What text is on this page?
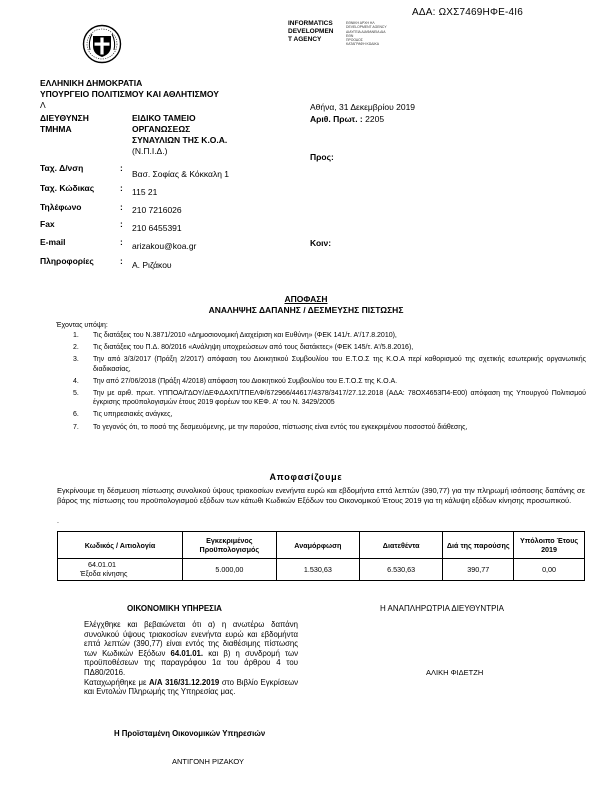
ΑΔΑ: ΩΧΣ7469ΗΦΕ-4Ι6
INFORMATICS
DEVELOPMEN
T AGENCY
ΕΘΝΙΚΗ ΑΡΧΗ ΗΛ
DEVELOPMENT AGENCY
ΔΙΑΥΓΕΙΑ ΔΙΑΦΑΝΕΙΑ ΔΙΑ
ΕΘΝ
ΠΡΟΟΔΟΣ
ΚΑΤΑΓΡΑΦΗ ΚΩΔΙΚΑ
ΕΛΛΗΝΙΚΗ ΔΗΜΟΚΡΑΤΙΑ
ΥΠΟΥΡΓΕΙΟ ΠΟΛΙΤΙΣΜΟΥ ΚΑΙ ΑΘΛΗΤΙΣΜΟΥ
Λ
ΔΙΕΥΘΥΝΣΗ
ΤΜΗΜΑ
ΕΙΔΙΚΟ ΤΑΜΕΙΟ
ΟΡΓΑΝΩΣΕΩΣ
ΣΥΝΑΥΛΙΩΝ ΤΗΣ Κ.Ο.Α.
(Ν.Π.Ι.Δ.)
Αθήνα, 31 Δεκεμβρίου 2019
Αριθ. Πρωτ. : 2205
Προς:
Κοιν:
Ταχ. Δ/νση	:
Βασ. Σοφίας & Κόκκαλη 1
Ταχ. Κώδικας	: 115 21
Τηλέφωνο	: 210 7216026
Fax	: 210 6455391
E-mail	: arizakou@koa.gr
Πληροφορίες	: Α. Ριζάκου
ΑΠΟΦΑΣΗ
ΑΝΑΛΗΨΗΣ ΔΑΠΑΝΗΣ / ΔΕΣΜΕΥΣΗΣ ΠΙΣΤΩΣΗΣ
Έχοντας υπόψη:
1.	Τις διατάξεις του Ν.3871/2010 «Δημοσιονομική Διαχείριση και Ευθύνη» (ΦΕΚ 141/τ. Α'/17.8.2010),
2.	Τις διατάξεις του Π.Δ. 80/2016 «Ανάληψη υποχρεώσεων από τους διατάκτες» (ΦΕΚ 145/τ. Α'/5.8.2016),
3.	Την από 3/3/2017 (Πράξη 2/2017) απόφαση του Διοικητικού Συμβουλίου του Ε.Τ.Ο.Σ της Κ.Ο.Α περί καθορισμού της σχετικής εσωτερικής οργανωτικής διαδικασίας,
4.	Την από 27/06/2018 (Πράξη 4/2018) απόφαση του Διοικητικού Συμβουλίου του Ε.Τ.Ο.Σ της Κ.Ο.Α.
5.	Την με αριθ. πρωτ. ΥΠΠΟΑ/ΓΔΟΥ/ΔΕΦΔΑΧΠ/ΤΠΕΛΦ/672966/44617/4378/3417/27.12.2018 (ΑΔΑ: 78ΟΧ4653Π4-Ε00) απόφαση της Υπουργού Πολιτισμού έγκρισης προϋπολογισμών έτους 2019 φορέων του ΚΕΦ. Α' του Ν. 3429/2005
6.	Τις υπηρεσιακές ανάγκες,
7.	Το γεγονός ότι, το ποσό της δεσμευόμενης, με την παρούσα, πίστωσης είναι εντός του εγκεκριμένου ποσοστού διάθεσης,
Αποφασίζουμε
Εγκρίνουμε τη δέσμευση πίστωσης συνολικού ύψους τριακοσίων ενενήντα ευρώ και εβδομήντα επτά λεπτών (390,77) για την πληρωμή ισόποσης δαπάνης σε βάρος της πίστωσης του προϋπολογισμού εξόδων των κάτωθι Κωδικών Εξόδων του Οικονομικού Έτους 2019 για τη κάλυψη εξόδων κίνησης προσωπικού.
.
Κωδικός / Αιτιολογία	Εγκεκριμένος Προϋπολογισμός	Αναμόρφωση	Διατεθέντα	Διά της παρούσης	Υπόλοιπο Έτους 2019

64.01.01
Έξοδα κίνησης	5.000,00	1.530,63	6.530,63	390,77	0,00
ΟΙΚΟΝΟΜΙΚΗ ΥΠΗΡΕΣΙΑ	Η ΑΝΑΠΛΗΡΩΤΡΙΑ ΔΙΕΥΘΥΝΤΡΙΑ
Ελέγχθηκε και βεβαιώνεται ότι α) η ανωτέρω δαπάνη συνολικού ύψους τριακοσίων ενενήντα ευρώ και εβδομήντα επτά λεπτών (390,77) είναι εντός της διαθέσιμης πίστωσης των Κωδικών Εξόδων 64.01.01. και β) η συνδρομή των προϋποθέσεων της παραγράφου 1α του άρθρου 4 του ΠΔ80/2016.
Καταχωρήθηκε με Α/Α 316/31.12.2019 στο Βιβλίο Εγκρίσεων και Εντολών Πληρωμής της Υπηρεσίας μας.
ΑΛΙΚΗ ΦΙΔΕΤΖΗ
Η Προϊσταμένη Οικονομικών Υπηρεσιών
ΑΝΤΙΓΟΝΗ ΡΙΖΑΚΟΥ
